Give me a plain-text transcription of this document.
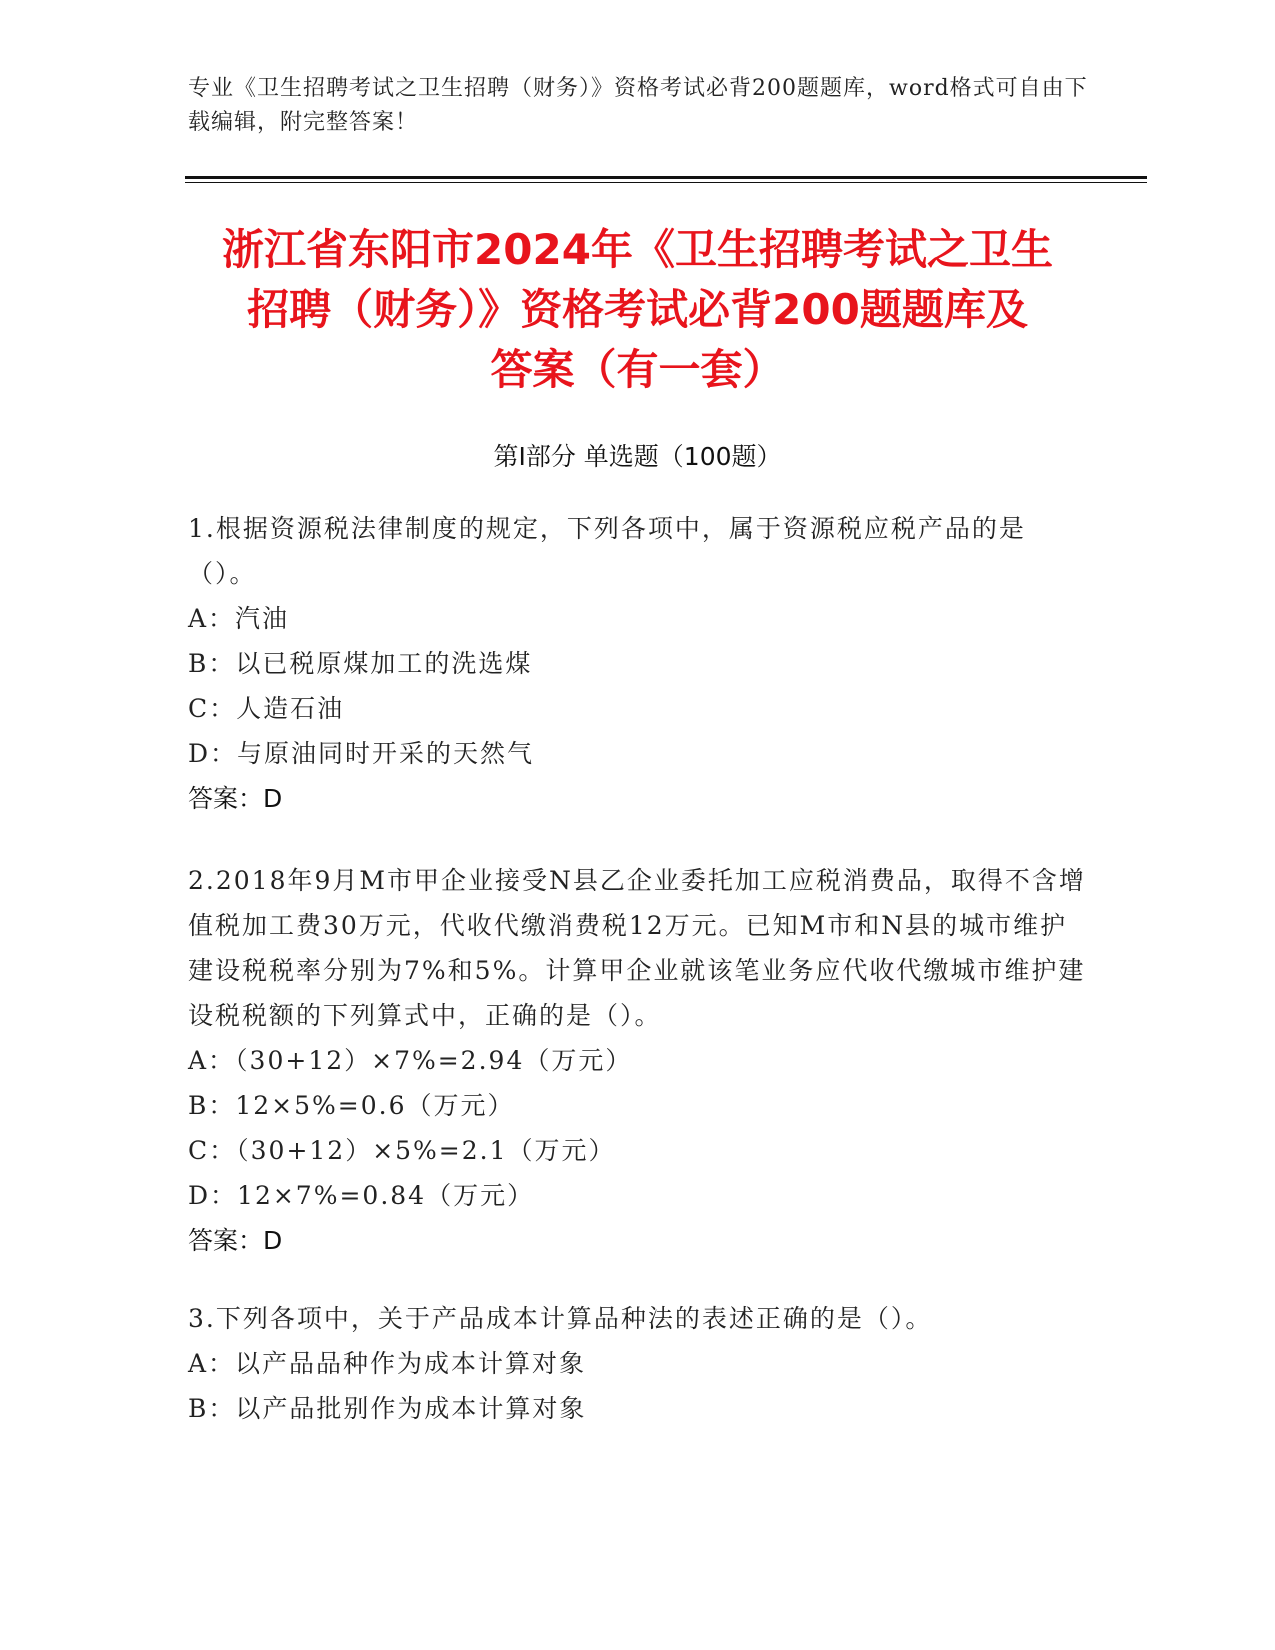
专业《卫生招聘考试之卫生招聘（财务）》资格考试必背200题题库，word格式可自由下载编辑，附完整答案！
浙江省东阳市2024年《卫生招聘考试之卫生
招聘（财务）》资格考试必背200题题库及
答案（有一套）
第Ⅰ部分 单选题（100题）
1.根据资源税法律制度的规定，下列各项中，属于资源税应税产品的是（）。
A：汽油
B：以已税原煤加工的洗选煤
C：人造石油
D：与原油同时开采的天然气
答案：D
2.2018年9月M市甲企业接受N县乙企业委托加工应税消费品，取得不含增值税加工费30万元，代收代缴消费税12万元。已知M市和N县的城市维护建设税税率分别为7%和5%。计算甲企业就该笔业务应代收代缴城市维护建设税税额的下列算式中，正确的是（）。
A：（30+12）×7%=2.94（万元）
B：12×5%=0.6（万元）
C：（30+12）×5%=2.1（万元）
D：12×7%=0.84（万元）
答案：D
3.下列各项中，关于产品成本计算品种法的表述正确的是（）。
A：以产品品种作为成本计算对象
B：以产品批别作为成本计算对象
